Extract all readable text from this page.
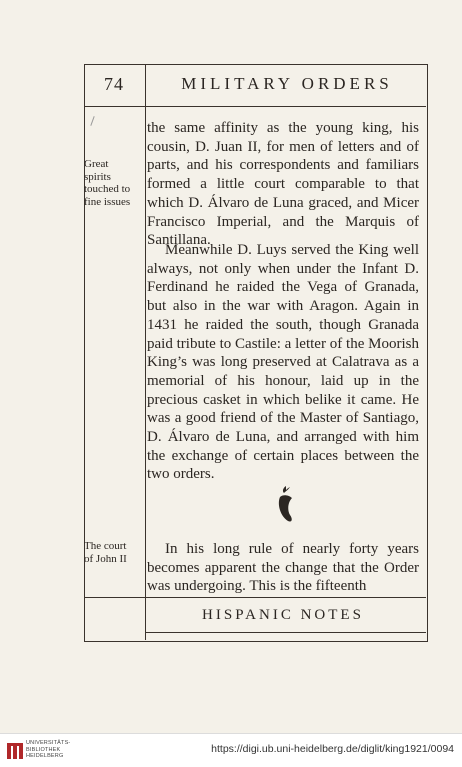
74	MILITARY ORDERS
Great
spirits
touched to
fine issues
The court
of John II

the same affinity as the young king, his cousin, D. Juan II, for men of letters and of parts, and his correspondents and familiars formed a little court comparable to that which D. Álvaro de Luna graced, and Micer Francisco Imperial, and the Marquis of Santillana.

Meanwhile D. Luys served the King well always, not only when under the Infant D. Ferdinand he raided the Vega of Granada, but also in the war with Aragon. Again in 1431 he raided the south, though Granada paid tribute to Castile: a letter of the Moorish King’s was long preserved at Calatrava as a memorial of his honour, laid up in the precious casket in which belike it came. He was a good friend of the Master of Santiago, D. Álvaro de Luna, and arranged with him the exchange of certain places between the two orders.

In his long rule of nearly forty years becomes apparent the change that the Order was undergoing. This is the fifteenth

HISPANIC NOTES
UNIVERSITÄTS-
BIBLIOTHEK
HEIDELBERG
https://digi.ub.uni-heidelberg.de/diglit/king1921/0094
